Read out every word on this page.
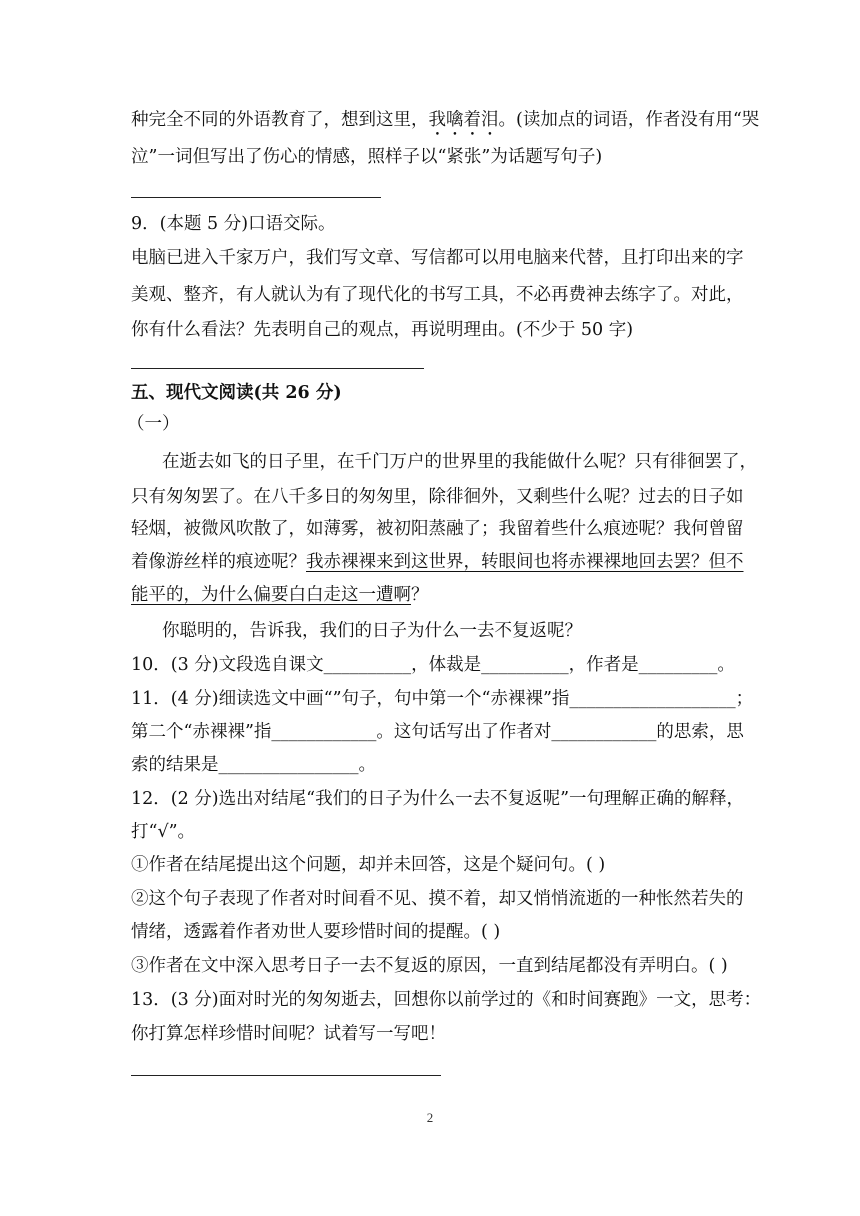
种完全不同的外语教育了，想到这里，我噙着泪。(读加点的词语，作者没有用“哭
泣”一词但写出了伤心的情感，照样子以“紧张”为话题写句子)
9．(本题 5 分)口语交际。
电脑已进入千家万户，我们写文章、写信都可以用电脑来代替，且打印出来的字
美观、整齐，有人就认为有了现代化的书写工具，不必再费神去练字了。对此，
你有什么看法？先表明自己的观点，再说明理由。(不少于 50 字)
五、现代文阅读(共 26 分)
（一）
在逝去如飞的日子里，在千门万户的世界里的我能做什么呢？只有徘徊罢了，
只有匆匆罢了。在八千多日的匆匆里，除徘徊外，又剩些什么呢？过去的日子如
轻烟，被微风吹散了，如薄雾，被初阳蒸融了；我留着些什么痕迹呢？我何曾留
着像游丝样的痕迹呢？我赤裸裸来到这世界，转眼间也将赤裸裸地回去罢？但不
能平的，为什么偏要白白走这一遭啊？
你聪明的，告诉我，我们的日子为什么一去不复返呢？
10．(3 分)文段选自课文__________，体裁是__________，作者是_________。
11．(4 分)细读选文中画“”句子，句中第一个“赤裸裸”指___________________；
第二个“赤裸裸”指____________。这句话写出了作者对____________的思索，思
索的结果是________________。
12．(2 分)选出对结尾“我们的日子为什么一去不复返呢”一句理解正确的解释，
打“√”。
①作者在结尾提出这个问题，却并未回答，这是个疑问句。( )
②这个句子表现了作者对时间看不见、摸不着，却又悄悄流逝的一种怅然若失的
情绪，透露着作者劝世人要珍惜时间的提醒。( )
③作者在文中深入思考日子一去不复返的原因，一直到结尾都没有弄明白。( )
13．(3 分)面对时光的匆匆逝去，回想你以前学过的《和时间赛跑》一文，思考：
你打算怎样珍惜时间呢？试着写一写吧！
2
